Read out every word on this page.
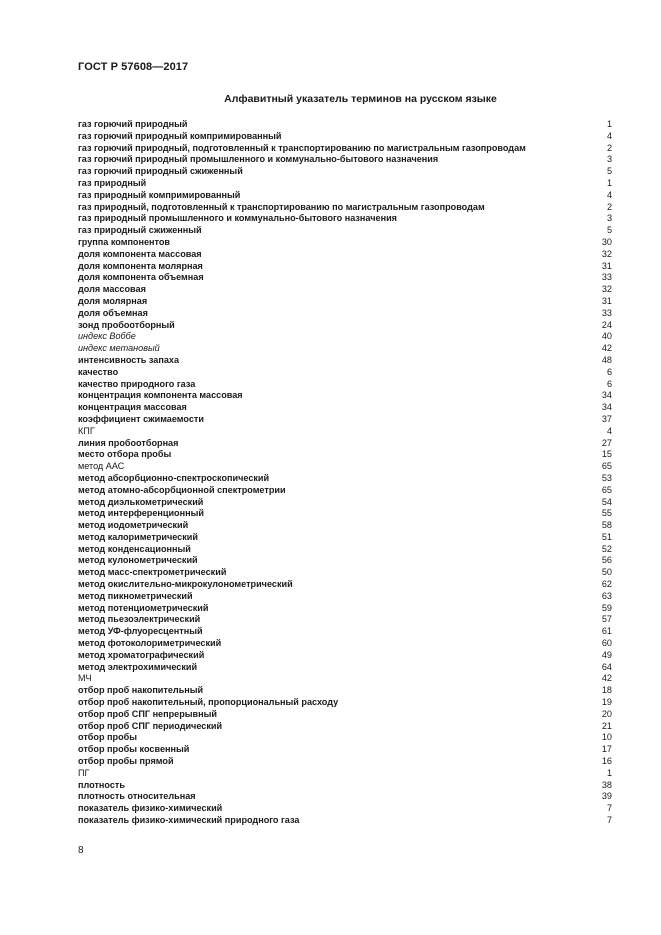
ГОСТ Р 57608—2017
Алфавитный указатель терминов на русском языке
газ горючий природный	1
газ горючий природный компримированный	4
газ горючий природный, подготовленный к транспортированию по магистральным газопроводам	2
газ горючий природный промышленного и коммунально-бытового назначения	3
газ горючий природный сжиженный	5
газ природный	1
газ природный компримированный	4
газ природный, подготовленный к транспортированию по магистральным газопроводам	2
газ природный промышленного и коммунально-бытового назначения	3
газ природный сжиженный	5
группа компонентов	30
доля компонента массовая	32
доля компонента молярная	31
доля компонента объемная	33
доля массовая	32
доля молярная	31
доля объемная	33
зонд пробоотборный	24
индекс Воббе	40
индекс метановый	42
интенсивность запаха	48
качество	6
качество природного газа	6
концентрация компонента массовая	34
концентрация массовая	34
коэффициент сжимаемости	37
КПГ	4
линия пробоотборная	27
место отбора пробы	15
метод ААС	65
метод абсорбционно-спектроскопический	53
метод атомно-абсорбционной спектрометрии	65
метод диэлькометрический	54
метод интерференционный	55
метод иодометрический	58
метод калориметрический	51
метод конденсационный	52
метод кулонометрический	56
метод масс-спектрометрический	50
метод окислительно-микрокулонометрический	62
метод пикнометрический	63
метод потенциометрический	59
метод пьезоэлектрический	57
метод УФ-флуоресцентный	61
метод фотоколориметрический	60
метод хроматографический	49
метод электрохимический	64
МЧ	42
отбор проб накопительный	18
отбор проб накопительный, пропорциональный расходу	19
отбор проб СПГ непрерывный	20
отбор проб СПГ периодический	21
отбор пробы	10
отбор пробы косвенный	17
отбор пробы прямой	16
ПГ	1
плотность	38
плотность относительная	39
показатель физико-химический	7
показатель физико-химический природного газа	7
8
